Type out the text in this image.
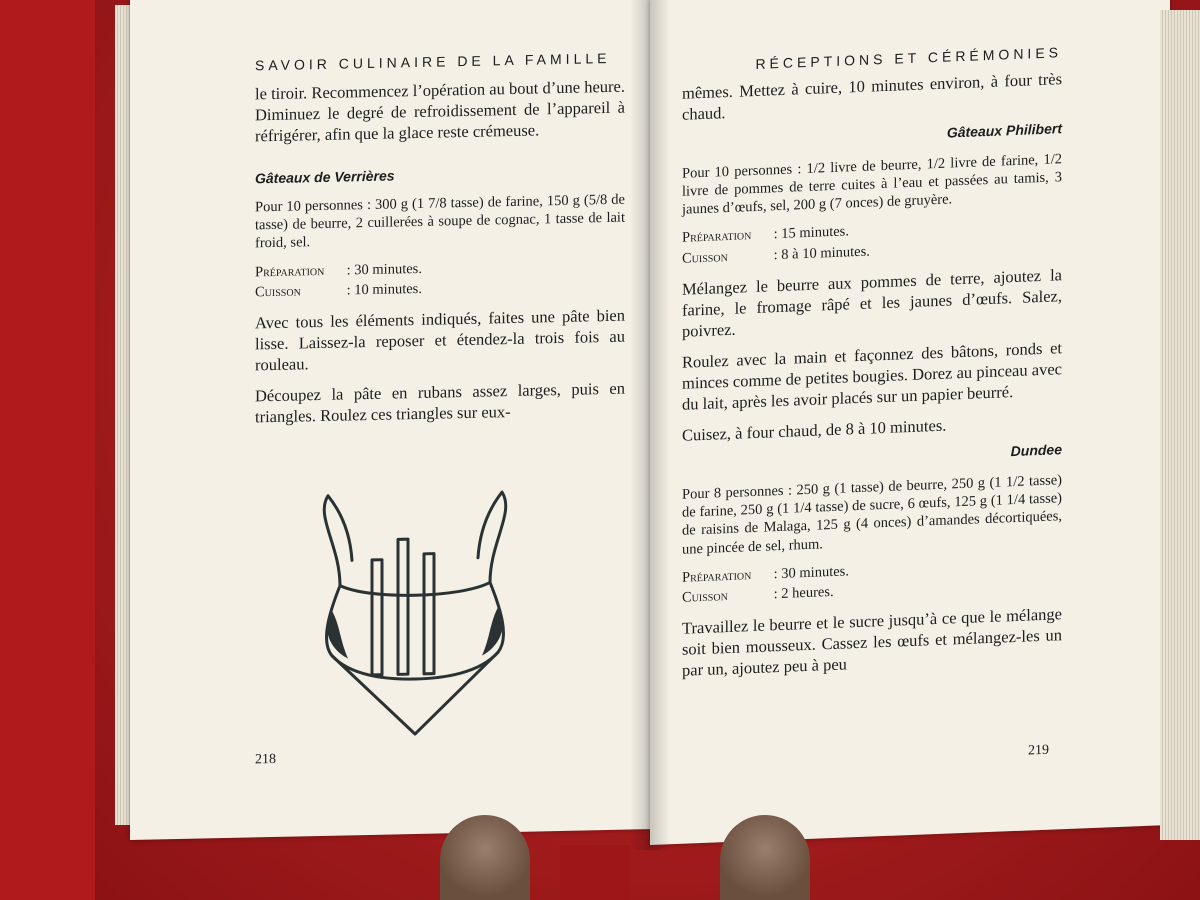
SAVOIR CULINAIRE DE LA FAMILLE

le tiroir. Recommencez l’opération au bout d’une heure. Diminuez le degré de refroidissement de l’appareil à réfrigérer, afin que la glace reste crémeuse.

Gâteaux de Verrières

Pour 10 personnes : 300 g (1 7/8 tasse) de farine, 150 g (5/8 de tasse) de beurre, 2 cuillerées à soupe de cognac, 1 tasse de lait froid, sel.

Préparation : 30 minutes.
Cuisson	: 10 minutes.

Avec tous les éléments indiqués, faites une pâte bien lisse. Laissez-la reposer et étendez-la trois fois au rouleau.

Découpez la pâte en rubans assez larges, puis en triangles. Roulez ces triangles sur eux-

218
RÉCEPTIONS ET CÉRÉMONIES

mêmes. Mettez à cuire, 10 minutes environ, à four très chaud.

Gâteaux Philibert

Pour 10 personnes : 1/2 livre de beurre, 1/2 livre de farine, 1/2 livre de pommes de terre cuites à l’eau et passées au tamis, 3 jaunes d’œufs, sel, 200 g (7 onces) de gruyère.

Préparation : 15 minutes.
Cuisson	: 8 à 10 minutes.

Mélangez le beurre aux pommes de terre, ajoutez la farine, le fromage râpé et les jaunes d’œufs. Salez, poivrez.

Roulez avec la main et façonnez des bâtons, ronds et minces comme de petites bougies. Dorez au pinceau avec du lait, après les avoir placés sur un papier beurré.

Cuisez, à four chaud, de 8 à 10 minutes.

Dundee

Pour 8 personnes : 250 g (1 tasse) de beurre, 250 g (1 1/2 tasse) de farine, 250 g (1 1/4 tasse) de sucre, 6 œufs, 125 g (1 1/4 tasse) de raisins de Malaga, 125 g (4 onces) d’amandes décortiquées, une pincée de sel, rhum.

Préparation : 30 minutes.
Cuisson	: 2 heures.

Travaillez le beurre et le sucre jusqu’à ce que le mélange soit bien mousseux. Cassez les œufs et mélangez-les un par un, ajoutez peu à peu

219
